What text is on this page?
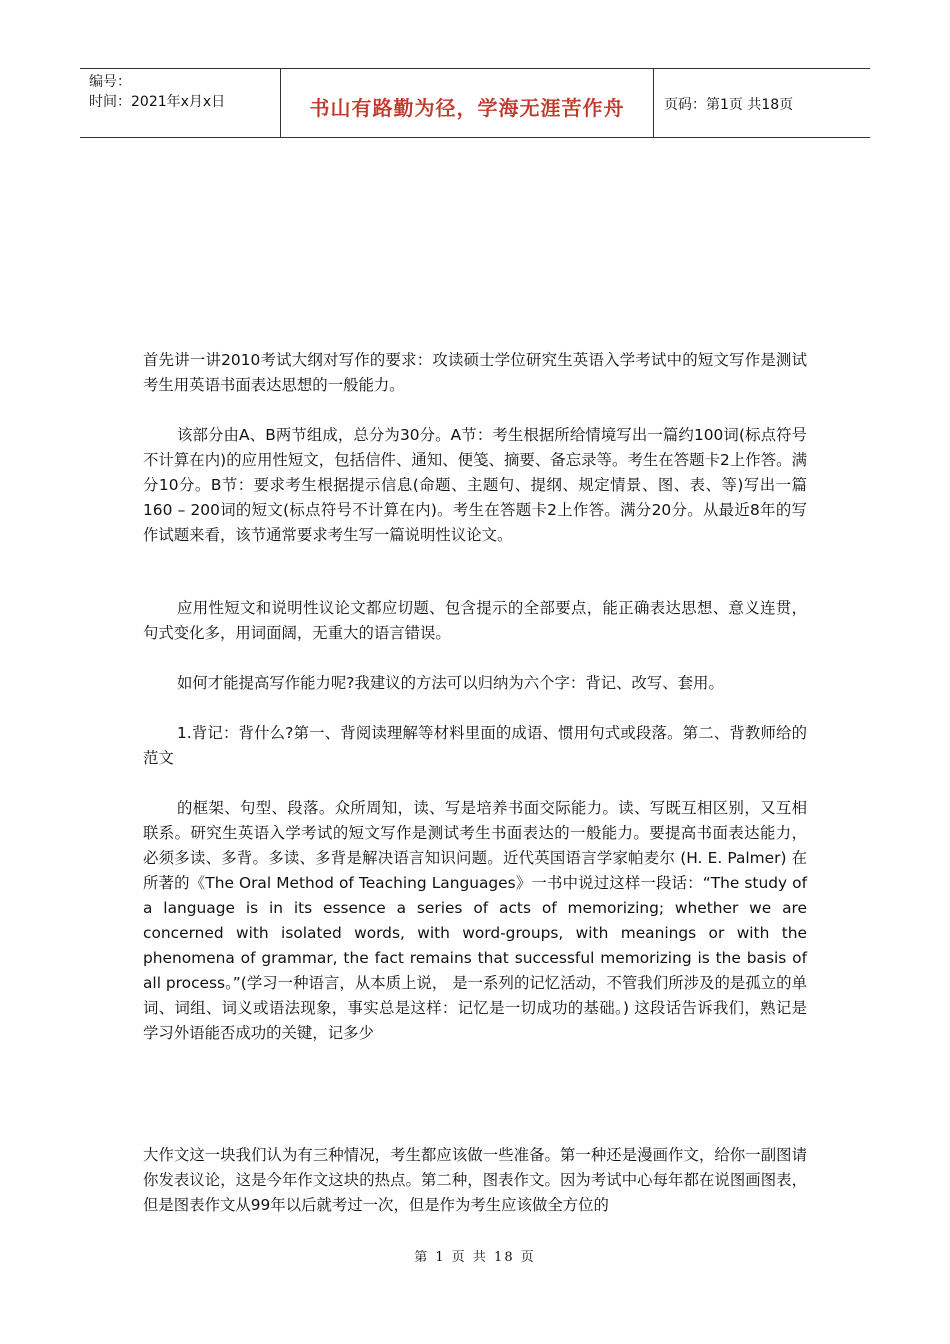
编号：
时间：2021年x月x日	书山有路勤为径，学海无涯苦作舟	页码：第1页 共18页

首先讲一讲2010考试大纲对写作的要求：攻读硕士学位研究生英语入学考试中的短文写作是测试考生用英语书面表达思想的一般能力。

该部分由A、B两节组成，总分为30分。A节：考生根据所给情境写出一篇约100词(标点符号不计算在内)的应用性短文，包括信件、通知、便笺、摘要、备忘录等。考生在答题卡2上作答。满分10分。B节：要求考生根据提示信息(命题、主题句、提纲、规定情景、图、表、等)写出一篇160 – 200词的短文(标点符号不计算在内)。考生在答题卡2上作答。满分20分。从最近8年的写作试题来看，该节通常要求考生写一篇说明性议论文。

应用性短文和说明性议论文都应切题、包含提示的全部要点，能正确表达思想、意义连贯，句式变化多，用词面阔，无重大的语言错误。

如何才能提高写作能力呢?我建议的方法可以归纳为六个字：背记、改写、套用。

1.背记：背什么?第一、背阅读理解等材料里面的成语、惯用句式或段落。第二、背教师给的范文

的框架、句型、段落。众所周知，读、写是培养书面交际能力。读、写既互相区别，又互相联系。研究生英语入学考试的短文写作是测试考生书面表达的一般能力。要提高书面表达能力， 必须多读、多背。多读、多背是解决语言知识问题。近代英国语言学家帕麦尔 (H. E. Palmer) 在所著的《The Oral Method of Teaching Languages》一书中说过这样一段话：“The study of a language is in its essence a series of acts of memorizing; whether we are concerned with isolated words, with word-groups, with meanings or with the phenomena of grammar, the fact remains that successful memorizing is the basis of all process。”(学习一种语言，从本质上说， 是一系列的记忆活动，不管我们所涉及的是孤立的单词、词组、词义或语法现象，事实总是这样：记忆是一切成功的基础。) 这段话告诉我们，熟记是学习外语能否成功的关键，记多少

大作文这一块我们认为有三种情况，考生都应该做一些准备。第一种还是漫画作文，给你一副图请你发表议论，这是今年作文这块的热点。第二种，图表作文。因为考试中心每年都在说图画图表，但是图表作文从99年以后就考过一次，但是作为考生应该做全方位的

第 1 页 共 18 页
